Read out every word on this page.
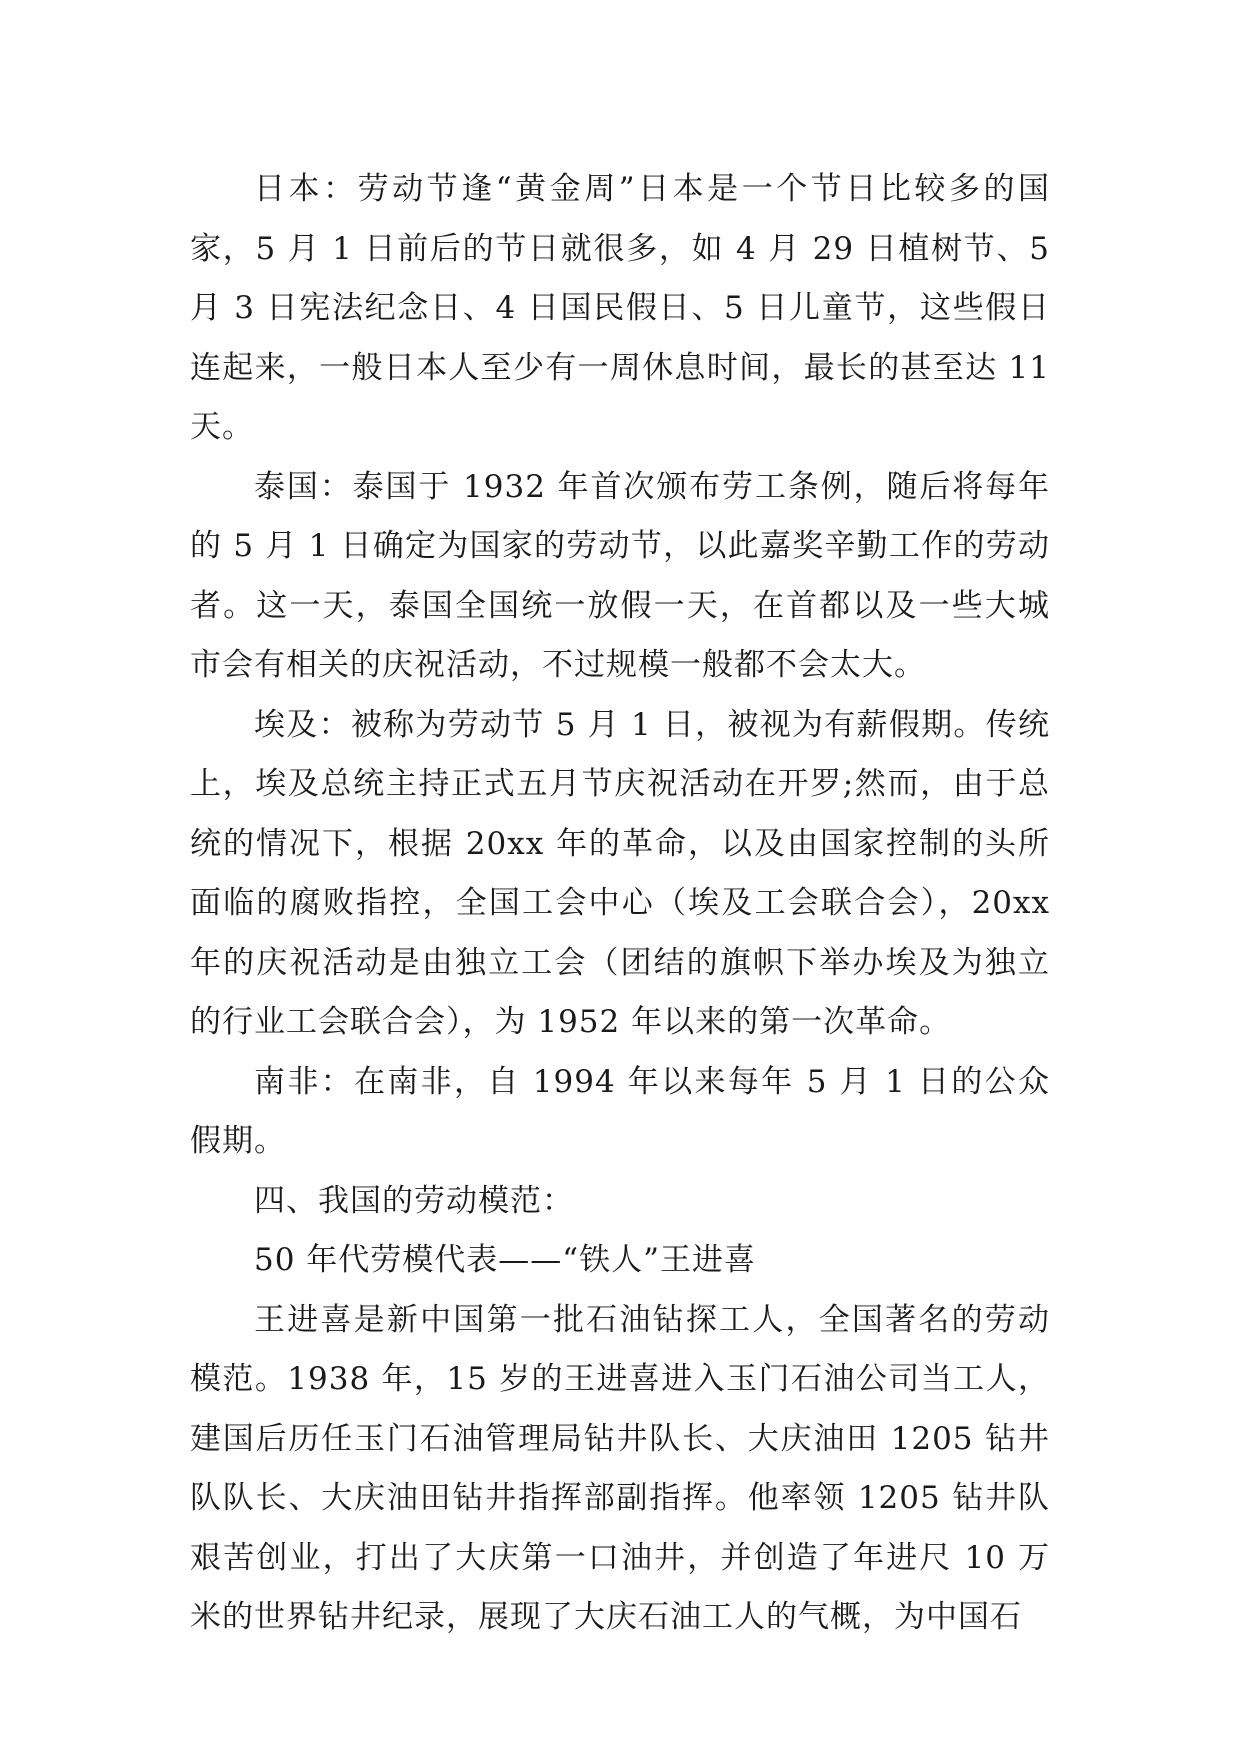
日本：劳动节逢“黄金周”日本是一个节日比较多的国家，5 月 1 日前后的节日就很多，如 4 月 29 日植树节、5 月 3 日宪法纪念日、4 日国民假日、5 日儿童节，这些假日连起来，一般日本人至少有一周休息时间，最长的甚至达 11 天。

泰国：泰国于 1932 年首次颁布劳工条例，随后将每年的 5 月 1 日确定为国家的劳动节，以此嘉奖辛勤工作的劳动者。这一天，泰国全国统一放假一天，在首都以及一些大城市会有相关的庆祝活动，不过规模一般都不会太大。

埃及：被称为劳动节 5 月 1 日，被视为有薪假期。传统上，埃及总统主持正式五月节庆祝活动在开罗;然而，由于总统的情况下，根据 20xx 年的革命，以及由国家控制的头所面临的腐败指控，全国工会中心（埃及工会联合会），20xx 年的庆祝活动是由独立工会（团结的旗帜下举办埃及为独立的行业工会联合会），为 1952 年以来的第一次革命。

南非：在南非，自 1994 年以来每年 5 月 1 日的公众假期。

四、我国的劳动模范：

50 年代劳模代表——“铁人”王进喜

王进喜是新中国第一批石油钻探工人，全国著名的劳动模范。1938 年，15 岁的王进喜进入玉门石油公司当工人，建国后历任玉门石油管理局钻井队长、大庆油田 1205 钻井队队长、大庆油田钻井指挥部副指挥。他率领 1205 钻井队艰苦创业，打出了大庆第一口油井，并创造了年进尺 10 万米的世界钻井纪录，展现了大庆石油工人的气概，为中国石
